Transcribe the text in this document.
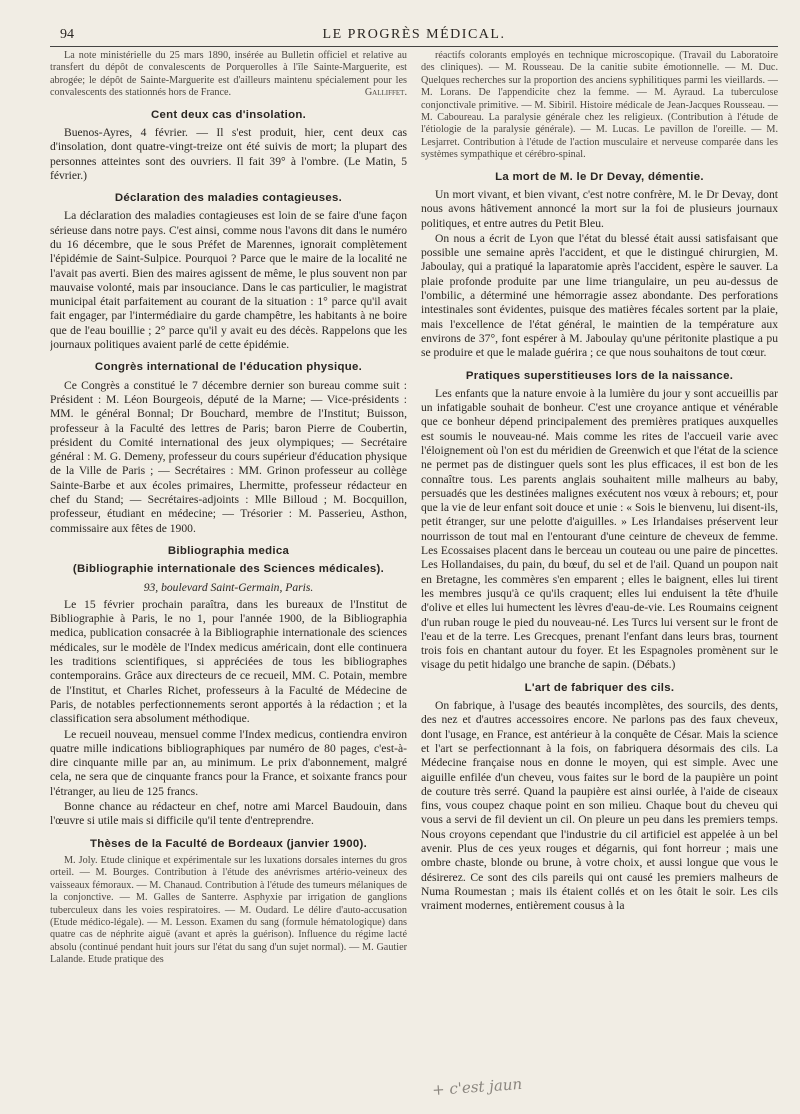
94	LE PROGRÈS MÉDICAL.

La note ministérielle du 25 mars 1890, insérée au Bulletin officiel et relative au transfert du dépôt de convalescents de Porquerolles à l'île Sainte-Marguerite, est abrogée; le dépôt de Sainte-Marguerite est d'ailleurs maintenu spécialement pour les convalescents des stationnés hors de France.	Galliffet.

Cent deux cas d'insolation.

Buenos-Ayres, 4 février. — Il s'est produit, hier, cent deux cas d'insolation, dont quatre-vingt-treize ont été suivis de mort; la plupart des personnes atteintes sont des ouvriers. Il fait 39° à l'ombre. (Le Matin, 5 février.)

Déclaration des maladies contagieuses.

La déclaration des maladies contagieuses est loin de se faire d'une façon sérieuse dans notre pays. C'est ainsi, comme nous l'avons dit dans le numéro du 16 décembre, que le sous Préfet de Marennes, ignorait complètement l'épidémie de Saint-Sulpice. Pourquoi ? Parce que le maire de la localité ne l'avait pas averti. Bien des maires agissent de même, le plus souvent non par mauvaise volonté, mais par insouciance. Dans le cas particulier, le magistrat municipal était parfaitement au courant de la situation : 1° parce qu'il avait fait engager, par l'intermédiaire du garde champêtre, les habitants à ne boire que de l'eau bouillie ; 2° parce qu'il y avait eu des décès. Rappelons que les journaux politiques avaient parlé de cette épidémie.

Congrès international de l'éducation physique.

Ce Congrès a constitué le 7 décembre dernier son bureau comme suit : Président : M. Léon Bourgeois, député de la Marne; — Vice-présidents : MM. le général Bonnal; Dr Bouchard, membre de l'Institut; Buisson, professeur à la Faculté des lettres de Paris; baron Pierre de Coubertin, président du Comité international des jeux olympiques; — Secrétaire général : M. G. Demeny, professeur du cours supérieur d'éducation physique de la Ville de Paris ; — Secrétaires : MM. Grinon professeur au collège Sainte-Barbe et aux écoles primaires, Lhermitte, professeur rédacteur en chef du Stand; — Secrétaires-adjoints : Mlle Billoud ; M. Bocquillon, professeur, étudiant en médecine; — Trésorier : M. Passerieu, Asthon, commissaire aux fêtes de 1900.

Bibliographia medica
(Bibliographie internationale des Sciences médicales).

93, boulevard Saint-Germain, Paris.

Le 15 février prochain paraîtra, dans les bureaux de l'Institut de Bibliographie à Paris, le no 1, pour l'année 1900, de la Bibliographia medica, publication consacrée à la Bibliographie internationale des sciences médicales, sur le modèle de l'Index medicus américain, dont elle continuera les traditions scientifiques, si appréciées de tous les bibliographes contemporains. Grâce aux directeurs de ce recueil, MM. C. Potain, membre de l'Institut, et Charles Richet, professeurs à la Faculté de Médecine de Paris, de notables perfectionnements seront apportés à la rédaction ; et la classification sera absolument méthodique.

Le recueil nouveau, mensuel comme l'Index medicus, contiendra environ quatre mille indications bibliographiques par numéro de 80 pages, c'est-à-dire cinquante mille par an, au minimum. Le prix d'abonnement, malgré cela, ne sera que de cinquante francs pour la France, et soixante francs pour l'étranger, au lieu de 125 francs.

Bonne chance au rédacteur en chef, notre ami Marcel Baudouin, dans l'œuvre si utile mais si difficile qu'il tente d'entreprendre.

Thèses de la Faculté de Bordeaux (janvier 1900).

M. Joly. Etude clinique et expérimentale sur les luxations dorsales internes du gros orteil. — M. Bourges. Contribution à l'étude des anévrismes artério-veineux des vaisseaux fémoraux. — M. Chanaud. Contribution à l'étude des tumeurs mélaniques de la conjonctive. — M. Galles de Santerre. Asphyxie par irrigation de ganglions tuberculeux dans les voies respiratoires. — M. Oudard. Le délire d'auto-accusation (Etude médico-légale). — M. Lesson. Examen du sang (formule hématologique) dans quatre cas de néphrite aiguë (avant et après la guérison). Influence du régime lacté absolu (continué pendant huit jours sur l'état du sang d'un sujet normal). — M. Gautier Lalande. Etude pratique des

réactifs colorants employés en technique microscopique. (Travail du Laboratoire des cliniques). — M. Rousseau. De la canitie subite émotionnelle. — M. Duc. Quelques recherches sur la proportion des anciens syphilitiques parmi les vieillards. — M. Lorans. De l'appendicite chez la femme. — M. Ayraud. La tuberculose conjonctivale primitive. — M. Sibiril. Histoire médicale de Jean-Jacques Rousseau. — M. Caboureau. La paralysie générale chez les religieux. (Contribution à l'étude de l'étiologie de la paralysie générale). — M. Lucas. Le pavillon de l'oreille. — M. Lesjarret. Contribution à l'étude de l'action musculaire et nerveuse comparée dans les systèmes sympathique et cérébro-spinal.

La mort de M. le Dr Devay, démentie.

Un mort vivant, et bien vivant, c'est notre confrère, M. le Dr Devay, dont nous avons hâtivement annoncé la mort sur la foi de plusieurs journaux politiques, et entre autres du Petit Bleu.

On nous a écrit de Lyon que l'état du blessé était aussi satisfaisant que possible une semaine après l'accident, et que le distingué chirurgien, M. Jaboulay, qui a pratiqué la laparatomie après l'accident, espère le sauver. La plaie profonde produite par une lime triangulaire, un peu au-dessus de l'ombilic, a déterminé une hémorragie assez abondante. Des perforations intestinales sont évidentes, puisque des matières fécales sortent par la plaie, mais l'excellence de l'état général, le maintien de la température aux environs de 37°, font espérer à M. Jaboulay qu'une péritonite plastique a pu se produire et que le malade guérira ; ce que nous souhaitons de tout cœur.

Pratiques superstitieuses lors de la naissance.

Les enfants que la nature envoie à la lumière du jour y sont accueillis par un infatigable souhait de bonheur. C'est une croyance antique et vénérable que ce bonheur dépend principalement des premières pratiques auxquelles est soumis le nouveau-né. Mais comme les rites de l'accueil varie avec l'éloignement où l'on est du méridien de Greenwich et que l'état de la science ne permet pas de distinguer quels sont les plus efficaces, il est bon de les connaître tous. Les parents anglais souhaitent mille malheurs au baby, persuadés que les destinées malignes exécutent nos vœux à rebours; et, pour que la vie de leur enfant soit douce et unie : « Sois le bienvenu, lui disent-ils, petit étranger, sur une pelotte d'aiguilles. » Les Irlandaises préservent leur nourrisson de tout mal en l'entourant d'une ceinture de cheveux de femme. Les Ecossaises placent dans le berceau un couteau ou une paire de pincettes. Les Hollandaises, du pain, du bœuf, du sel et de l'ail. Quand un poupon nait en Bretagne, les commères s'en emparent ; elles le baignent, elles lui tirent les membres jusqu'à ce qu'ils craquent; elles lui enduisent la tête d'huile d'olive et elles lui humectent les lèvres d'eau-de-vie. Les Roumains ceignent d'un ruban rouge le pied du nouveau-né. Les Turcs lui versent sur le front de l'eau et de la terre. Les Grecques, prenant l'enfant dans leurs bras, tournent trois fois en chantant autour du foyer. Et les Espagnoles promènent sur le visage du petit hidalgo une branche de sapin. (Débats.)

L'art de fabriquer des cils.

On fabrique, à l'usage des beautés incomplètes, des sourcils, des dents, des nez et d'autres accessoires encore. Ne parlons pas des faux cheveux, dont l'usage, en France, est antérieur à la conquête de César. Mais la science et l'art se perfectionnant à la fois, on fabriquera désormais des cils. La Médecine française nous en donne le moyen, qui est simple. Avec une aiguille enfilée d'un cheveu, vous faites sur le bord de la paupière un point de couture très serré. Quand la paupière est ainsi ourlée, à l'aide de ciseaux fins, vous coupez chaque point en son milieu. Chaque bout du cheveu qui vous a servi de fil devient un cil. On pleure un peu dans les premiers temps. Nous croyons cependant que l'industrie du cil artificiel est appelée à un bel avenir. Plus de ces yeux rouges et dégarnis, qui font horreur ; mais une ombre chaste, blonde ou brune, à votre choix, et aussi longue que vous le désirerez. Ce sont des cils pareils qui ont causé les premiers malheurs de Numa Roumestan ; mais ils étaient collés et on les ôtait le soir. Les cils vraiment modernes, entièrement cousus à la

+ c'est jaun
